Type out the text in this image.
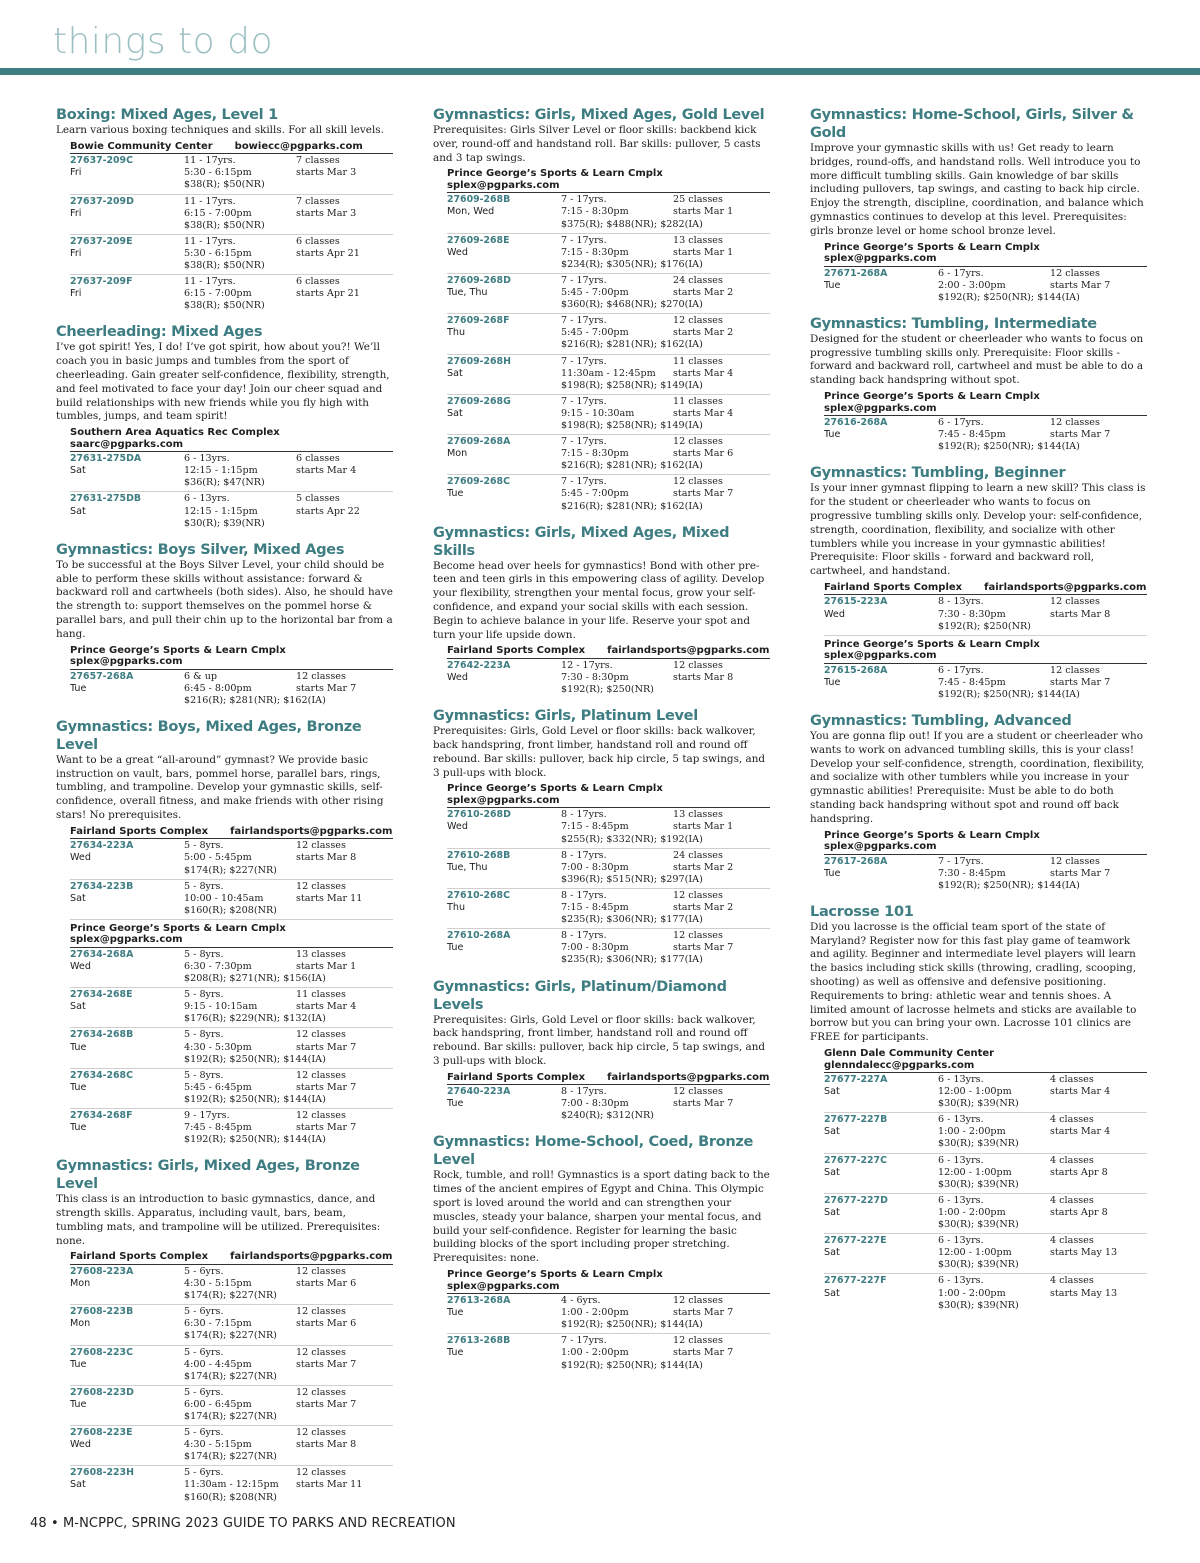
things to do
Boxing: Mixed Ages, Level 1
Learn various boxing techniques and skills. For all skill levels.
Bowie Community Center bowiecc@pgparks.com
27637-209C
Fri
11 - 17yrs.
5:30 - 6:15pm
7 classes
starts Mar 3
$38(R); $50(NR)
27637-209D
Fri
11 - 17yrs.
6:15 - 7:00pm
7 classes
starts Mar 3
$38(R); $50(NR)
27637-209E
Fri
11 - 17yrs.
5:30 - 6:15pm
6 classes
starts Apr 21
$38(R); $50(NR)
27637-209F
Fri
11 - 17yrs.
6:15 - 7:00pm
6 classes
starts Apr 21
$38(R); $50(NR)
Cheerleading: Mixed Ages
I’ve got spirit! Yes, I do! I’ve got spirit, how about you?! We’ll coach you in basic jumps and tumbles from the sport of cheerleading. Gain greater self-confidence, flexibility, strength, and feel motivated to face your day! Join our cheer squad and build relationships with new friends while you fly high with tumbles, jumps, and team spirit!
Southern Area Aquatics Rec Complex
saarc@pgparks.com
27631-275DA
Sat
6 - 13yrs.
12:15 - 1:15pm
6 classes
starts Mar 4
$36(R); $47(NR)
27631-275DB
Sat
6 - 13yrs.
12:15 - 1:15pm
5 classes
starts Apr 22
$30(R); $39(NR)
Gymnastics: Boys Silver, Mixed Ages
To be successful at the Boys Silver Level, your child should be able to perform these skills without assistance: forward & backward roll and cartwheels (both sides). Also, he should have the strength to: support themselves on the pommel horse & parallel bars, and pull their chin up to the horizontal bar from a hang.
Prince George’s Sports & Learn Cmplx
splex@pgparks.com
27657-268A
Tue
6 & up
6:45 - 8:00pm
12 classes
starts Mar 7
$216(R); $281(NR); $162(IA)
Gymnastics: Boys, Mixed Ages, Bronze Level
Want to be a great “all-around” gymnast? We provide basic instruction on vault, bars, pommel horse, parallel bars, rings, tumbling, and trampoline. Develop your gymnastic skills, self-confidence, overall fitness, and make friends with other rising stars! No prerequisites.
Fairland Sports Complex fairlandsports@pgparks.com
27634-223A
Wed
5 - 8yrs.
5:00 - 5:45pm
12 classes
starts Mar 8
$174(R); $227(NR)
27634-223B
Sat
5 - 8yrs.
10:00 - 10:45am
12 classes
starts Mar 11
$160(R); $208(NR)
Prince George’s Sports & Learn Cmplx
splex@pgparks.com
27634-268A
Wed
5 - 8yrs.
6:30 - 7:30pm
13 classes
starts Mar 1
$208(R); $271(NR); $156(IA)
27634-268E
Sat
5 - 8yrs.
9:15 - 10:15am
11 classes
starts Mar 4
$176(R); $229(NR); $132(IA)
27634-268B
Tue
5 - 8yrs.
4:30 - 5:30pm
12 classes
starts Mar 7
$192(R); $250(NR); $144(IA)
27634-268C
Tue
5 - 8yrs.
5:45 - 6:45pm
12 classes
starts Mar 7
$192(R); $250(NR); $144(IA)
27634-268F
Tue
9 - 17yrs.
7:45 - 8:45pm
12 classes
starts Mar 7
$192(R); $250(NR); $144(IA)
Gymnastics: Girls, Mixed Ages, Bronze Level
This class is an introduction to basic gymnastics, dance, and strength skills. Apparatus, including vault, bars, beam, tumbling mats, and trampoline will be utilized. Prerequisites: none.
Fairland Sports Complex fairlandsports@pgparks.com
27608-223A
Mon
5 - 6yrs.
4:30 - 5:15pm
12 classes
starts Mar 6
$174(R); $227(NR)
27608-223B
Mon
5 - 6yrs.
6:30 - 7:15pm
12 classes
starts Mar 6
$174(R); $227(NR)
27608-223C
Tue
5 - 6yrs.
4:00 - 4:45pm
12 classes
starts Mar 7
$174(R); $227(NR)
27608-223D
Tue
5 - 6yrs.
6:00 - 6:45pm
12 classes
starts Mar 7
$174(R); $227(NR)
27608-223E
Wed
5 - 6yrs.
4:30 - 5:15pm
12 classes
starts Mar 8
$174(R); $227(NR)
27608-223H
Sat
5 - 6yrs.
11:30am - 12:15pm
12 classes
starts Mar 11
$160(R); $208(NR)
Gymnastics: Girls, Mixed Ages, Gold Level
Prerequisites: Girls Silver Level or floor skills: backbend kick over, round-off and handstand roll. Bar skills: pullover, 5 casts and 3 tap swings.
Prince George’s Sports & Learn Cmplx
splex@pgparks.com
27609-268B
Mon, Wed
7 - 17yrs.
7:15 - 8:30pm
25 classes
starts Mar 1
$375(R); $488(NR); $282(IA)
27609-268E
Wed
7 - 17yrs.
7:15 - 8:30pm
13 classes
starts Mar 1
$234(R); $305(NR); $176(IA)
27609-268D
Tue, Thu
7 - 17yrs.
5:45 - 7:00pm
24 classes
starts Mar 2
$360(R); $468(NR); $270(IA)
27609-268F
Thu
7 - 17yrs.
5:45 - 7:00pm
12 classes
starts Mar 2
$216(R); $281(NR); $162(IA)
27609-268H
Sat
7 - 17yrs.
11:30am - 12:45pm
11 classes
starts Mar 4
$198(R); $258(NR); $149(IA)
27609-268G
Sat
7 - 17yrs.
9:15 - 10:30am
11 classes
starts Mar 4
$198(R); $258(NR); $149(IA)
27609-268A
Mon
7 - 17yrs.
7:15 - 8:30pm
12 classes
starts Mar 6
$216(R); $281(NR); $162(IA)
27609-268C
Tue
7 - 17yrs.
5:45 - 7:00pm
12 classes
starts Mar 7
$216(R); $281(NR); $162(IA)
Gymnastics: Girls, Mixed Ages, Mixed Skills
Become head over heels for gymnastics! Bond with other pre-teen and teen girls in this empowering class of agility. Develop your flexibility, strengthen your mental focus, grow your self-confidence, and expand your social skills with each session. Begin to achieve balance in your life. Reserve your spot and turn your life upside down.
Fairland Sports Complex fairlandsports@pgparks.com
27642-223A
Wed
12 - 17yrs.
7:30 - 8:30pm
12 classes
starts Mar 8
$192(R); $250(NR)
Gymnastics: Girls, Platinum Level
Prerequisites: Girls, Gold Level or floor skills: back walkover, back handspring, front limber, handstand roll and round off rebound. Bar skills: pullover, back hip circle, 5 tap swings, and 3 pull-ups with block.
Prince George’s Sports & Learn Cmplx
splex@pgparks.com
27610-268D
Wed
8 - 17yrs.
7:15 - 8:45pm
13 classes
starts Mar 1
$255(R); $332(NR); $192(IA)
27610-268B
Tue, Thu
8 - 17yrs.
7:00 - 8:30pm
24 classes
starts Mar 2
$396(R); $515(NR); $297(IA)
27610-268C
Thu
8 - 17yrs.
7:15 - 8:45pm
12 classes
starts Mar 2
$235(R); $306(NR); $177(IA)
27610-268A
Tue
8 - 17yrs.
7:00 - 8:30pm
12 classes
starts Mar 7
$235(R); $306(NR); $177(IA)
Gymnastics: Girls, Platinum/Diamond Levels
Prerequisites: Girls, Gold Level or floor skills: back walkover, back handspring, front limber, handstand roll and round off rebound. Bar skills: pullover, back hip circle, 5 tap swings, and 3 pull-ups with block.
Fairland Sports Complex fairlandsports@pgparks.com
27640-223A
Tue
8 - 17yrs.
7:00 - 8:30pm
12 classes
starts Mar 7
$240(R); $312(NR)
Gymnastics: Home-School, Coed, Bronze Level
Rock, tumble, and roll! Gymnastics is a sport dating back to the times of the ancient empires of Egypt and China. This Olympic sport is loved around the world and can strengthen your muscles, steady your balance, sharpen your mental focus, and build your self-confidence. Register for learning the basic building blocks of the sport including proper stretching. Prerequisites: none.
Prince George’s Sports & Learn Cmplx
splex@pgparks.com
27613-268A
Tue
4 - 6yrs.
1:00 - 2:00pm
12 classes
starts Mar 7
$192(R); $250(NR); $144(IA)
27613-268B
Tue
7 - 17yrs.
1:00 - 2:00pm
12 classes
starts Mar 7
$192(R); $250(NR); $144(IA)
Gymnastics: Home-School, Girls, Silver & Gold
Improve your gymnastic skills with us! Get ready to learn bridges, round-offs, and handstand rolls. Well introduce you to more difficult tumbling skills. Gain knowledge of bar skills including pullovers, tap swings, and casting to back hip circle. Enjoy the strength, discipline, coordination, and balance which gymnastics continues to develop at this level. Prerequisites: girls bronze level or home school bronze level.
Prince George’s Sports & Learn Cmplx
splex@pgparks.com
27671-268A
Tue
6 - 17yrs.
2:00 - 3:00pm
12 classes
starts Mar 7
$192(R); $250(NR); $144(IA)
Gymnastics: Tumbling, Intermediate
Designed for the student or cheerleader who wants to focus on progressive tumbling skills only. Prerequisite: Floor skills - forward and backward roll, cartwheel and must be able to do a standing back handspring without spot.
Prince George’s Sports & Learn Cmplx
splex@pgparks.com
27616-268A
Tue
6 - 17yrs.
7:45 - 8:45pm
12 classes
starts Mar 7
$192(R); $250(NR); $144(IA)
Gymnastics: Tumbling, Beginner
Is your inner gymnast flipping to learn a new skill? This class is for the student or cheerleader who wants to focus on progressive tumbling skills only. Develop your: self-confidence, strength, coordination, flexibility, and socialize with other tumblers while you increase in your gymnastic abilities! Prerequisite: Floor skills - forward and backward roll, cartwheel, and handstand.
Fairland Sports Complex fairlandsports@pgparks.com
27615-223A
Wed
8 - 13yrs.
7:30 - 8:30pm
12 classes
starts Mar 8
$192(R); $250(NR)
Prince George’s Sports & Learn Cmplx
splex@pgparks.com
27615-268A
Tue
6 - 17yrs.
7:45 - 8:45pm
12 classes
starts Mar 7
$192(R); $250(NR); $144(IA)
Gymnastics: Tumbling, Advanced
You are gonna flip out! If you are a student or cheerleader who wants to work on advanced tumbling skills, this is your class! Develop your self-confidence, strength, coordination, flexibility, and socialize with other tumblers while you increase in your gymnastic abilities! Prerequisite: Must be able to do both standing back handspring without spot and round off back handspring.
Prince George’s Sports & Learn Cmplx
splex@pgparks.com
27617-268A
Tue
7 - 17yrs.
7:30 - 8:45pm
12 classes
starts Mar 7
$192(R); $250(NR); $144(IA)
Lacrosse 101
Did you lacrosse is the official team sport of the state of Maryland? Register now for this fast play game of teamwork and agility. Beginner and intermediate level players will learn the basics including stick skills (throwing, cradling, scooping, shooting) as well as offensive and defensive positioning. Requirements to bring: athletic wear and tennis shoes. A limited amount of lacrosse helmets and sticks are available to borrow but you can bring your own. Lacrosse 101 clinics are FREE for participants.
Glenn Dale Community Center
glenndalecc@pgparks.com
27677-227A
Sat
6 - 13yrs.
12:00 - 1:00pm
4 classes
starts Mar 4
$30(R); $39(NR)
27677-227B
Sat
6 - 13yrs.
1:00 - 2:00pm
4 classes
starts Mar 4
$30(R); $39(NR)
27677-227C
Sat
6 - 13yrs.
12:00 - 1:00pm
4 classes
starts Apr 8
$30(R); $39(NR)
27677-227D
Sat
6 - 13yrs.
1:00 - 2:00pm
4 classes
starts Apr 8
$30(R); $39(NR)
27677-227E
Sat
6 - 13yrs.
12:00 - 1:00pm
4 classes
starts May 13
$30(R); $39(NR)
27677-227F
Sat
6 - 13yrs.
1:00 - 2:00pm
4 classes
starts May 13
$30(R); $39(NR)
48 • M-NCPPC, SPRING 2023 GUIDE TO PARKS AND RECREATION
